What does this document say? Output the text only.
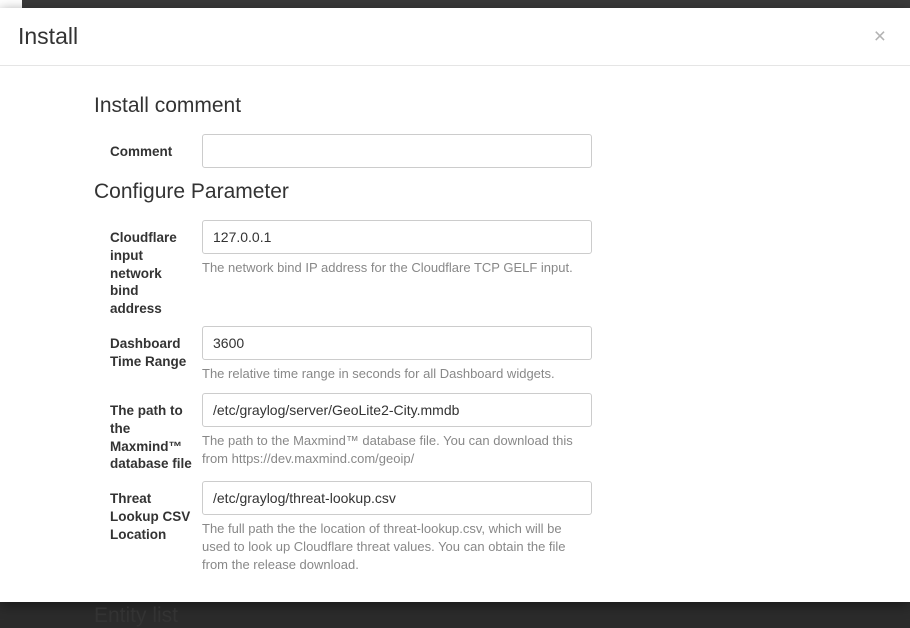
Install	×
Install comment
Comment
Configure Parameter
Cloudflare input network bind address
127.0.0.1
The network bind IP address for the Cloudflare TCP GELF input.
Dashboard Time Range
3600
The relative time range in seconds for all Dashboard widgets.
The path to the Maxmind™ database file
/etc/graylog/server/GeoLite2-City.mmdb
The path to the Maxmind™ database file. You can download this from https://dev.maxmind.com/geoip/
Threat Lookup CSV Location
/etc/graylog/threat-lookup.csv	The full path the the location of threat-lookup.csv, which will be used to look up Cloudflare threat values. You can obtain the file from the release download.
Entity list
